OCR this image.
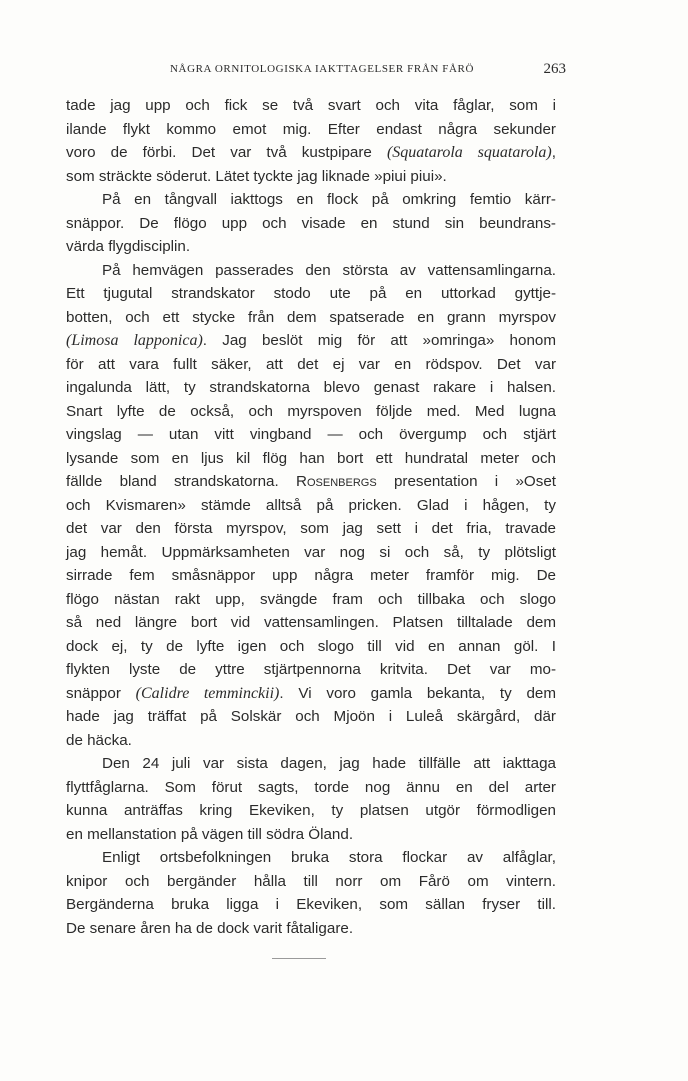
NÅGRA ORNITOLOGISKA IAKTTAGELSER FRÅN FÅRÖ	263
tade jag upp och fick se två svart och vita fåglar, som i
ilande flykt kommo emot mig. Efter endast några sekunder
voro de förbi. Det var två kustpipare (Squatarola squatarola),
som sträckte söderut. Lätet tyckte jag liknade »piui piui».
På en tångvall iakttogs en flock på omkring femtio kärr-
snäppor. De flögo upp och visade en stund sin beundrans-
värda flygdisciplin.
På hemvägen passerades den största av vattensamlingarna.
Ett tjugutal strandskator stodo ute på en uttorkad gyttje-
botten, och ett stycke från dem spatserade en grann myrspov
(Limosa lapponica). Jag beslöt mig för att »omringa» honom
för att vara fullt säker, att det ej var en rödspov. Det var
ingalunda lätt, ty strandskatorna blevo genast rakare i halsen.
Snart lyfte de också, och myrspoven följde med. Med lugna
vingslag — utan vitt vingband — och övergump och stjärt
lysande som en ljus kil flög han bort ett hundratal meter och
fällde bland strandskatorna. Rosenbergs presentation i »Oset
och Kvismaren» stämde alltså på pricken. Glad i hågen, ty
det var den första myrspov, som jag sett i det fria, travade
jag hemåt. Uppmärksamheten var nog si och så, ty plötsligt
sirrade fem småsnäppor upp några meter framför mig. De
flögo nästan rakt upp, svängde fram och tillbaka och slogo
så ned längre bort vid vattensamlingen. Platsen tilltalade dem
dock ej, ty de lyfte igen och slogo till vid en annan göl. I
flykten lyste de yttre stjärtpennorna kritvita. Det var mo-
snäppor (Calidre temminckii). Vi voro gamla bekanta, ty dem
hade jag träffat på Solskär och Mjoön i Luleå skärgård, där
de häcka.
Den 24 juli var sista dagen, jag hade tillfälle att iakttaga
flyttfåglarna. Som förut sagts, torde nog ännu en del arter
kunna anträffas kring Ekeviken, ty platsen utgör förmodligen
en mellanstation på vägen till södra Öland.
Enligt ortsbefolkningen bruka stora flockar av alfåglar,
knipor och bergänder hålla till norr om Fårö om vintern.
Bergänderna bruka ligga i Ekeviken, som sällan fryser till.
De senare åren ha de dock varit fåtaligare.
